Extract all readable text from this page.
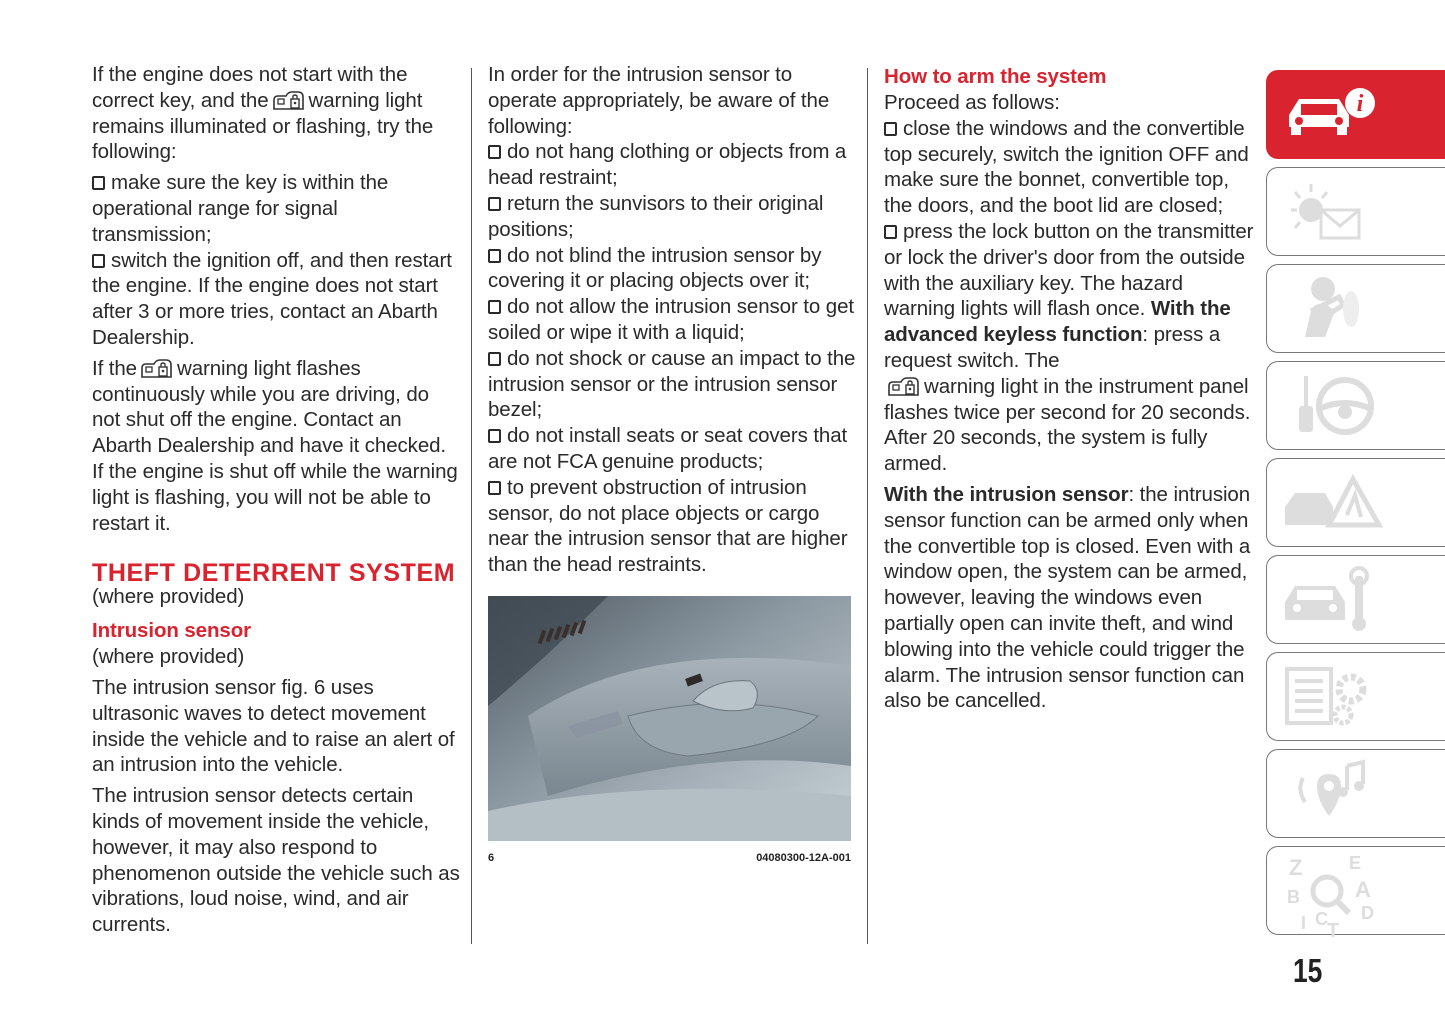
If the engine does not start with the correct key, and the warning light remains illuminated or flashing, try the following:

make sure the key is within the operational range for signal transmission;
switch the ignition off, and then restart the engine. If the engine does not start after 3 or more tries, contact an Abarth Dealership.

If the warning light flashes continuously while you are driving, do not shut off the engine. Contact an Abarth Dealership and have it checked. If the engine is shut off while the warning light is flashing, you will not be able to restart it.

THEFT DETERRENT SYSTEM
(where provided)
Intrusion sensor

(where provided)

The intrusion sensor fig. 6 uses ultrasonic waves to detect movement inside the vehicle and to raise an alert of an intrusion into the vehicle.

The intrusion sensor detects certain kinds of movement inside the vehicle, however, it may also respond to phenomenon outside the vehicle such as vibrations, loud noise, wind, and air currents.

In order for the intrusion sensor to operate appropriately, be aware of the following:
do not hang clothing or objects from a head restraint;
return the sunvisors to their original positions;
do not blind the intrusion sensor by covering it or placing objects over it;
do not allow the intrusion sensor to get soiled or wipe it with a liquid;
do not shock or cause an impact to the intrusion sensor or the intrusion sensor bezel;
do not install seats or seat covers that are not FCA genuine products;
to prevent obstruction of intrusion sensor, do not place objects or cargo near the intrusion sensor that are higher than the head restraints.
6	04080300-12A-001
How to arm the system
Proceed as follows:
close the windows and the convertible top securely, switch the ignition OFF and make sure the bonnet, convertible top, the doors, and the boot lid are closed;

press the lock button on the transmitter or lock the driver's door from the outside with the auxiliary key. The hazard warning lights will flash once. With the advanced keyless function: press a request switch. The
warning light in the instrument panel flashes twice per second for 20 seconds. After 20 seconds, the system is fully armed.

With the intrusion sensor: the intrusion sensor function can be armed only when the convertible top is closed. Even with a window open, the system can be armed, however, leaving the windows even partially open can invite theft, and wind blowing into the vehicle could trigger the alarm. The intrusion sensor function can also be cancelled.

i
Z	E
A
B
C D
I T
15
